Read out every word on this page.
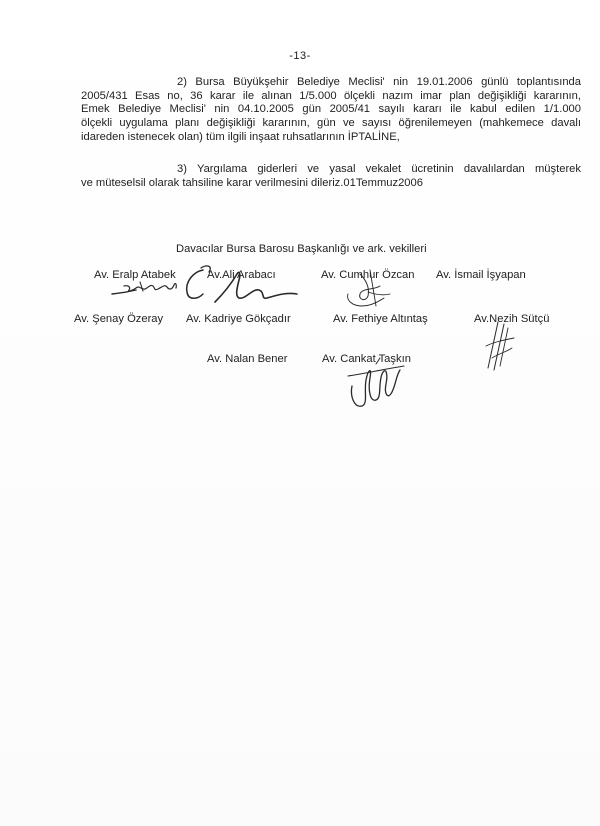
-13-
2) Bursa Büyükşehir Belediye Meclisi' nin 19.01.2006 günlü toplantısında
2005/431 Esas no, 36 karar ile alınan 1/5.000 ölçekli nazım imar plan değişikliği kararının,
Emek Belediye Meclisi' nin 04.10.2005 gün 2005/41 sayılı kararı ile kabul edilen 1/1.000
ölçekli uygulama planı değişikliği kararının, gün ve sayısı öğrenilemeyen (mahkemece davalı
idareden istenecek olan) tüm ilgili inşaat ruhsatlarının İPTALİNE,
3) Yargılama giderleri ve yasal vekalet ücretinin davalılardan müşterek
ve müteselsil olarak tahsiline karar verilmesini dileriz.01Temmuz2006
Davacılar Bursa Barosu Başkanlığı ve ark. vekilleri
Av. Eralp Atabek	Av.Ali Arabacı	Av. Cumhur Özcan Av. İsmail İşyapan
Av. Şenay Özeray Av. Kadriye Gökçadır	Av. Fethiye Altıntaş	Av.Nezih Sütçü
Av. Nalan Bener	Av. Cankat Taşkın
